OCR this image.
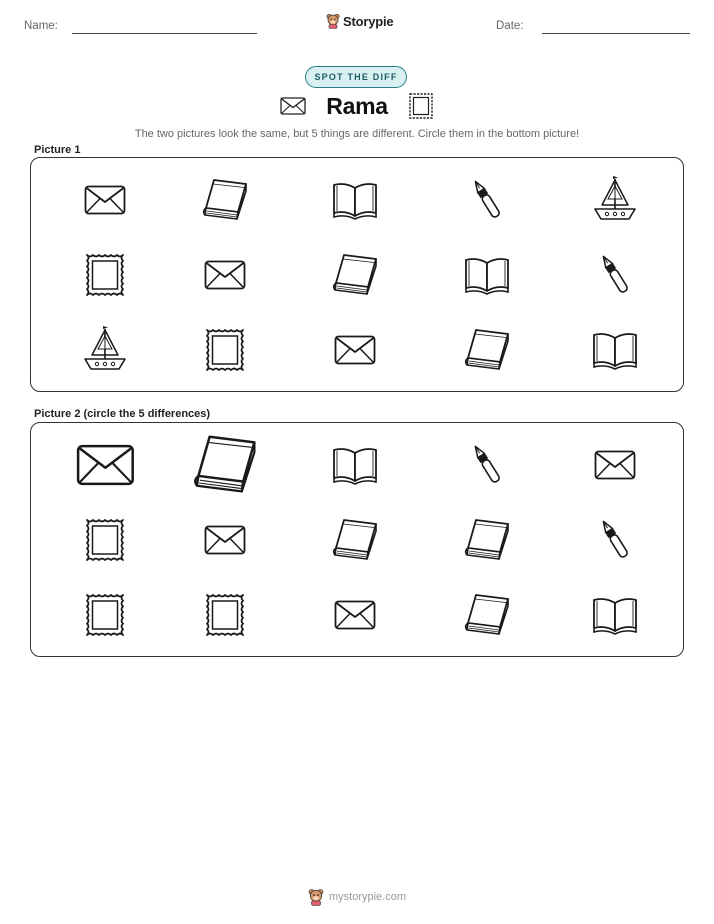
Name:	Storypie	Date:
SPOT THE DIFF
Rama
The two pictures look the same, but 5 things are different. Circle them in the bottom picture!
Picture 1
Picture 2 (circle the 5 differences)
mystorypie.com
